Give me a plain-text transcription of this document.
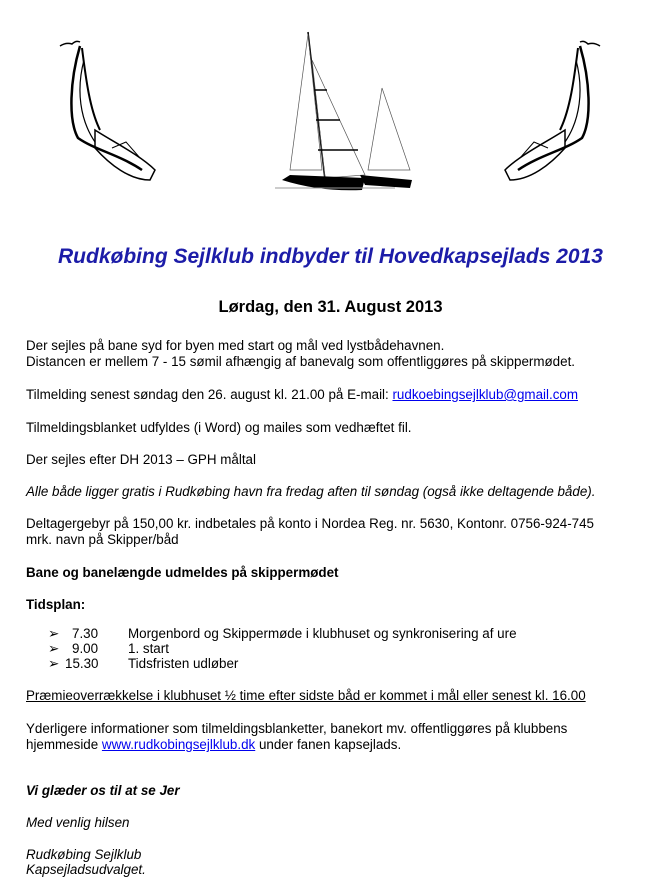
Rudkøbing Sejlklub indbyder til Hovedkapsejlads 2013
Lørdag, den 31. August 2013
Der sejles på bane syd for byen med start og mål ved lystbådehavnen.
Distancen er mellem 7 - 15 sømil afhængig af banevalg som offentliggøres på skippermødet.
Tilmelding senest søndag den 26. august kl. 21.00 på E-mail: rudkoebingsejlklub@gmail.com
Tilmeldingsblanket udfyldes (i Word) og mailes som vedhæftet fil.
Der sejles efter DH 2013 – GPH måltal
Alle både ligger gratis i Rudkøbing havn fra fredag aften til søndag (også ikke deltagende både).
Deltagergebyr på 150,00 kr. indbetales på konto i Nordea Reg. nr. 5630, Kontonr. 0756-924-745
mrk. navn på Skipper/båd
Bane og banelængde udmeldes på skippermødet
Tidsplan:
➢ 7.30 Morgenbord og Skippermøde i klubhuset og synkronisering af ure
➢ 9.00 1. start
➢ 15.30 Tidsfristen udløber
Præmieoverrækkelse i klubhuset ½ time efter sidste båd er kommet i mål eller senest kl. 16.00
Yderligere informationer som tilmeldingsblanketter, banekort mv. offentliggøres på klubbens
hjemmeside www.rudkobingsejlklub.dk under fanen kapsejlads.
Vi glæder os til at se Jer
Med venlig hilsen
Rudkøbing Sejlklub
Kapsejladsudvalget.
